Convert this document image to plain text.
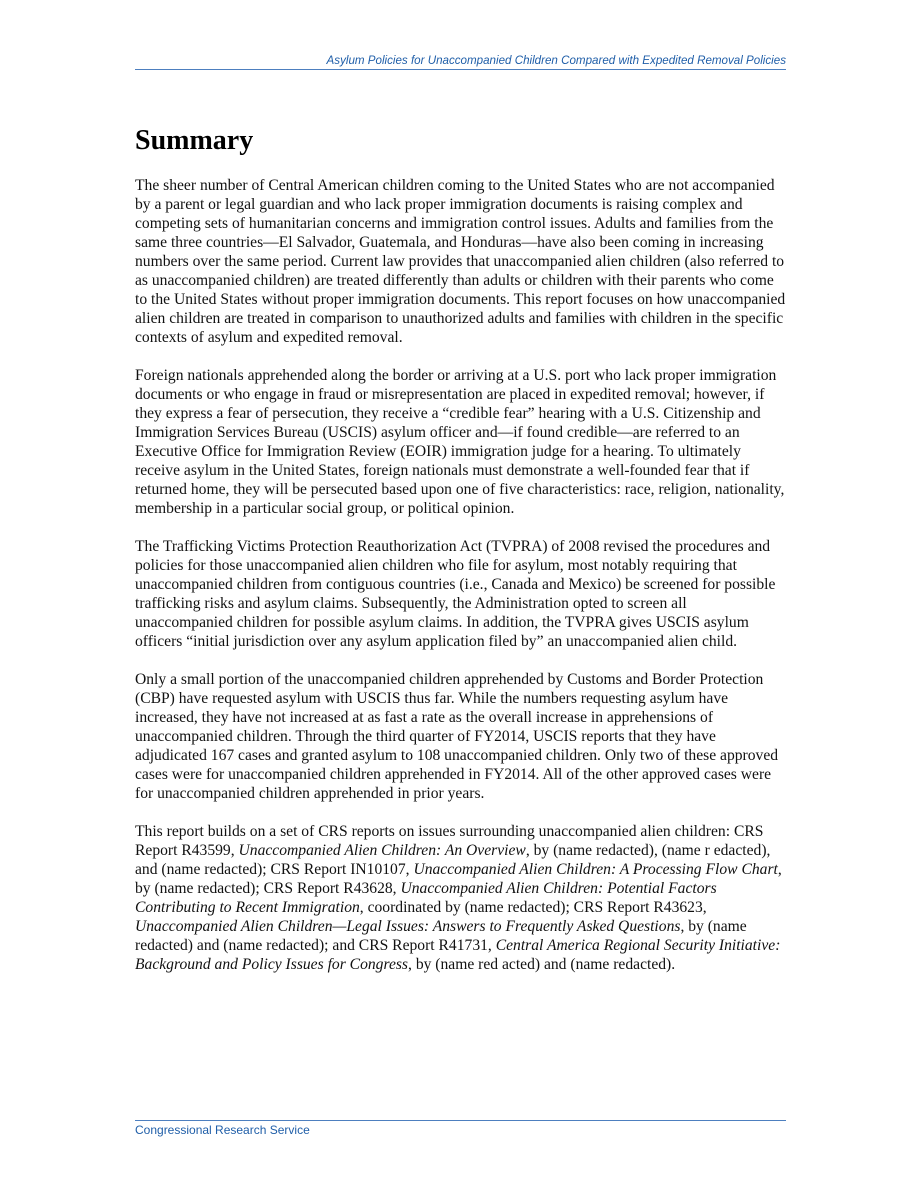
Asylum Policies for Unaccompanied Children Compared with Expedited Removal Policies
Summary

The sheer number of Central American children coming to the United States who are not accompanied by a parent or legal guardian and who lack proper immigration documents is raising complex and competing sets of humanitarian concerns and immigration control issues. Adults and families from the same three countries—El Salvador, Guatemala, and Honduras—have also been coming in increasing numbers over the same period. Current law provides that unaccompanied alien children (also referred to as unaccompanied children) are treated differently than adults or children with their parents who come to the United States without proper immigration documents. This report focuses on how unaccompanied alien children are treated in comparison to unauthorized adults and families with children in the specific contexts of asylum and expedited removal.

Foreign nationals apprehended along the border or arriving at a U.S. port who lack proper immigration documents or who engage in fraud or misrepresentation are placed in expedited removal; however, if they express a fear of persecution, they receive a “credible fear” hearing with a U.S. Citizenship and Immigration Services Bureau (USCIS) asylum officer and—if found credible—are referred to an Executive Office for Immigration Review (EOIR) immigration judge for a hearing. To ultimately receive asylum in the United States, foreign nationals must demonstrate a well-founded fear that if returned home, they will be persecuted based upon one of five characteristics: race, religion, nationality, membership in a particular social group, or political opinion.

The Trafficking Victims Protection Reauthorization Act (TVPRA) of 2008 revised the procedures and policies for those unaccompanied alien children who file for asylum, most notably requiring that unaccompanied children from contiguous countries (i.e., Canada and Mexico) be screened for possible trafficking risks and asylum claims. Subsequently, the Administration opted to screen all unaccompanied children for possible asylum claims. In addition, the TVPRA gives USCIS asylum officers “initial jurisdiction over any asylum application filed by” an unaccompanied alien child.

Only a small portion of the unaccompanied children apprehended by Customs and Border Protection (CBP) have requested asylum with USCIS thus far. While the numbers requesting asylum have increased, they have not increased at as fast a rate as the overall increase in apprehensions of unaccompanied children. Through the third quarter of FY2014, USCIS reports that they have adjudicated 167 cases and granted asylum to 108 unaccompanied children. Only two of these approved cases were for unaccompanied children apprehended in FY2014. All of the other approved cases were for unaccompanied children apprehended in prior years.

This report builds on a set of CRS reports on issues surrounding unaccompanied alien children: CRS Report R43599, Unaccompanied Alien Children: An Overview, by (name redacted), (name r edacted), and (name redacted); CRS Report IN10107, Unaccompanied Alien Children: A Processing Flow Chart, by (name redacted); CRS Report R43628, Unaccompanied Alien Children: Potential Factors Contributing to Recent Immigration, coordinated by (name redacted); CRS Report R43623, Unaccompanied Alien Children—Legal Issues: Answers to Frequently Asked Questions, by (name redacted) and (name redacted); and CRS Report R41731, Central America Regional Security Initiative: Background and Policy Issues for Congress, by (name red acted) and (name redacted).

Congressional Research Service
